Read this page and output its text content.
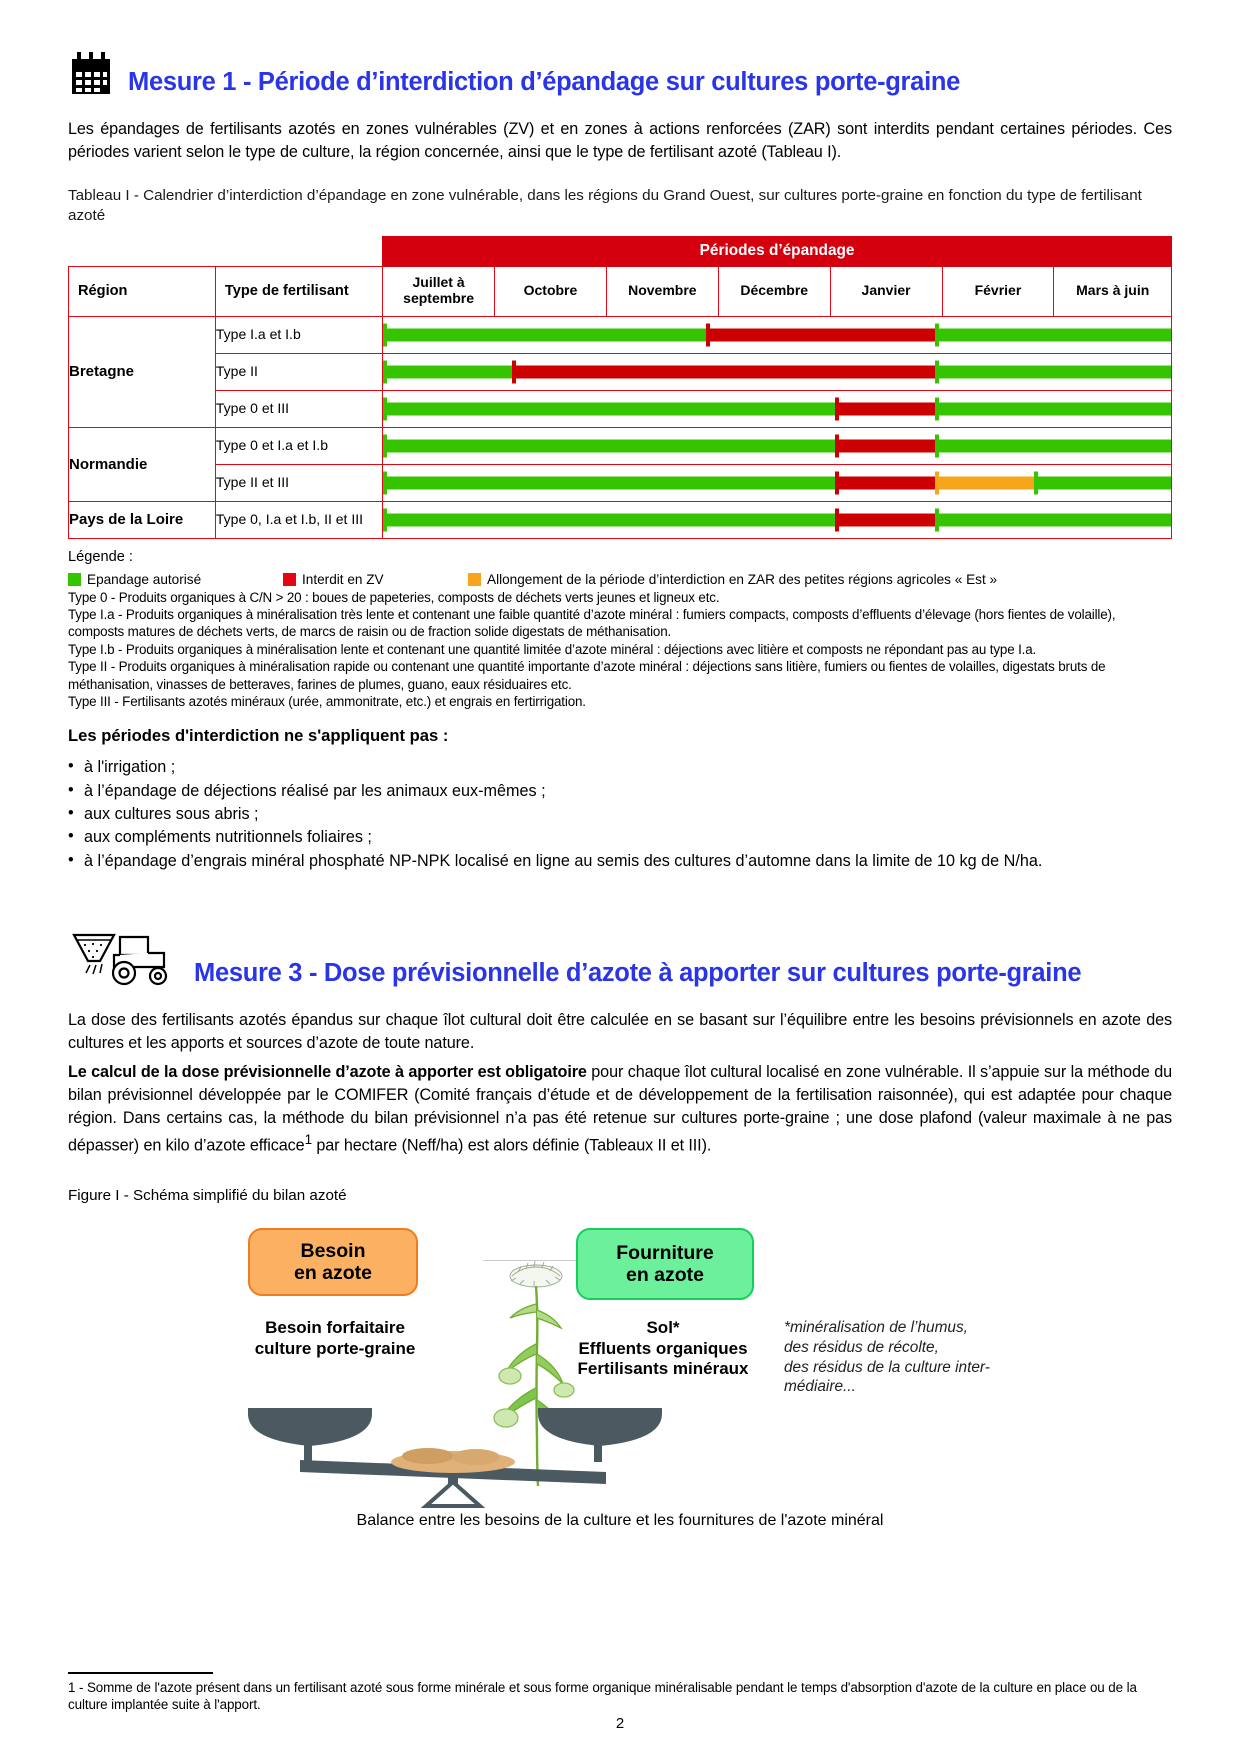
Mesure 1 - Période d’interdiction d’épandage sur cultures porte-graine

Les épandages de fertilisants azotés en zones vulnérables (ZV) et en zones à actions renforcées (ZAR) sont interdits pendant certaines périodes. Ces périodes varient selon le type de culture, la région concernée, ainsi que le type de fertilisant azoté (Tableau I).

Tableau I - Calendrier d’interdiction d’épandage en zone vulnérable, dans les régions du Grand Ouest, sur cultures porte-graine en fonction du type de fertilisant azoté
		Périodes d’épandage						
Région	Type de fertilisant	Juillet à septembre	Octobre	Novembre	Décembre	Janvier	Février	Mars à juin
Bretagne	Type I.a et I.b							

	Type II							

	Type 0 et III							

Normandie	Type 0 et I.a et I.b							

	Type II et III							

Pays de la Loire	Type 0, I.a et I.b, II et III							
Légende :
Epandage autorisé	Interdit en ZV	Allongement de la période d’interdiction en ZAR des petites régions agricoles « Est »

Type 0 - Produits organiques à C/N > 20 : boues de papeteries, composts de déchets verts jeunes et ligneux etc.

Type I.a - Produits organiques à minéralisation très lente et contenant une faible quantité d’azote minéral : fumiers compacts, composts d’effluents d’élevage (hors fientes de volaille), composts matures de déchets verts, de marcs de raisin ou de fraction solide digestats de méthanisation.

Type I.b - Produits organiques à minéralisation lente et contenant une quantité limitée d’azote minéral : déjections avec litière et composts ne répondant pas au type I.a.

Type II - Produits organiques à minéralisation rapide ou contenant une quantité importante d’azote minéral : déjections sans litière, fumiers ou fientes de volailles, digestats bruts de méthanisation, vinasses de betteraves, farines de plumes, guano, eaux résiduaires etc.

Type III - Fertilisants azotés minéraux (urée, ammonitrate, etc.) et engrais en fertirrigation.

Les périodes d'interdiction ne s'appliquent pas :
• à l'irrigation ;
• à l’épandage de déjections réalisé par les animaux eux-mêmes ;
• aux cultures sous abris ;
• aux compléments nutritionnels foliaires ;
• à l’épandage d’engrais minéral phosphaté NP-NPK localisé en ligne au semis des cultures d’automne dans la limite de 10 kg de N/ha.
Mesure 3 - Dose prévisionnelle d’azote à apporter sur cultures porte-graine

La dose des fertilisants azotés épandus sur chaque îlot cultural doit être calculée en se basant sur l’équilibre entre les besoins prévisionnels en azote des cultures et les apports et sources d’azote de toute nature.

Le calcul de la dose prévisionnelle d’azote à apporter est obligatoire pour chaque îlot cultural localisé en zone vulnérable. Il s’appuie sur la méthode du bilan prévisionnel développée par le COMIFER (Comité français d’étude et de développement de la fertilisation raisonnée), qui est adaptée pour chaque région. Dans certains cas, la méthode du bilan prévisionnel n’a pas été retenue sur cultures porte-graine ; une dose plafond (valeur maximale à ne pas dépasser) en kilo d’azote efficace$^1$ par hectare (Neff/ha) est alors définie (Tableaux II et III).

Figure I - Schéma simplifié du bilan azoté
Besoin
en azote
Fourniture
en azote
Besoin forfaitaire
culture porte-graine
Sol*
Effluents organiques
Fertilisants minéraux
*minéralisation de l’humus,
des résidus de récolte,
des résidus de la culture inter-
médiaire...
Balance entre les besoins de la culture et les fournitures de l'azote minéral
1 - Somme de l'azote présent dans un fertilisant azoté sous forme minérale et sous forme organique minéralisable pendant le temps d'absorption d'azote de la culture en place ou de la culture implantée suite à l'apport.
2
